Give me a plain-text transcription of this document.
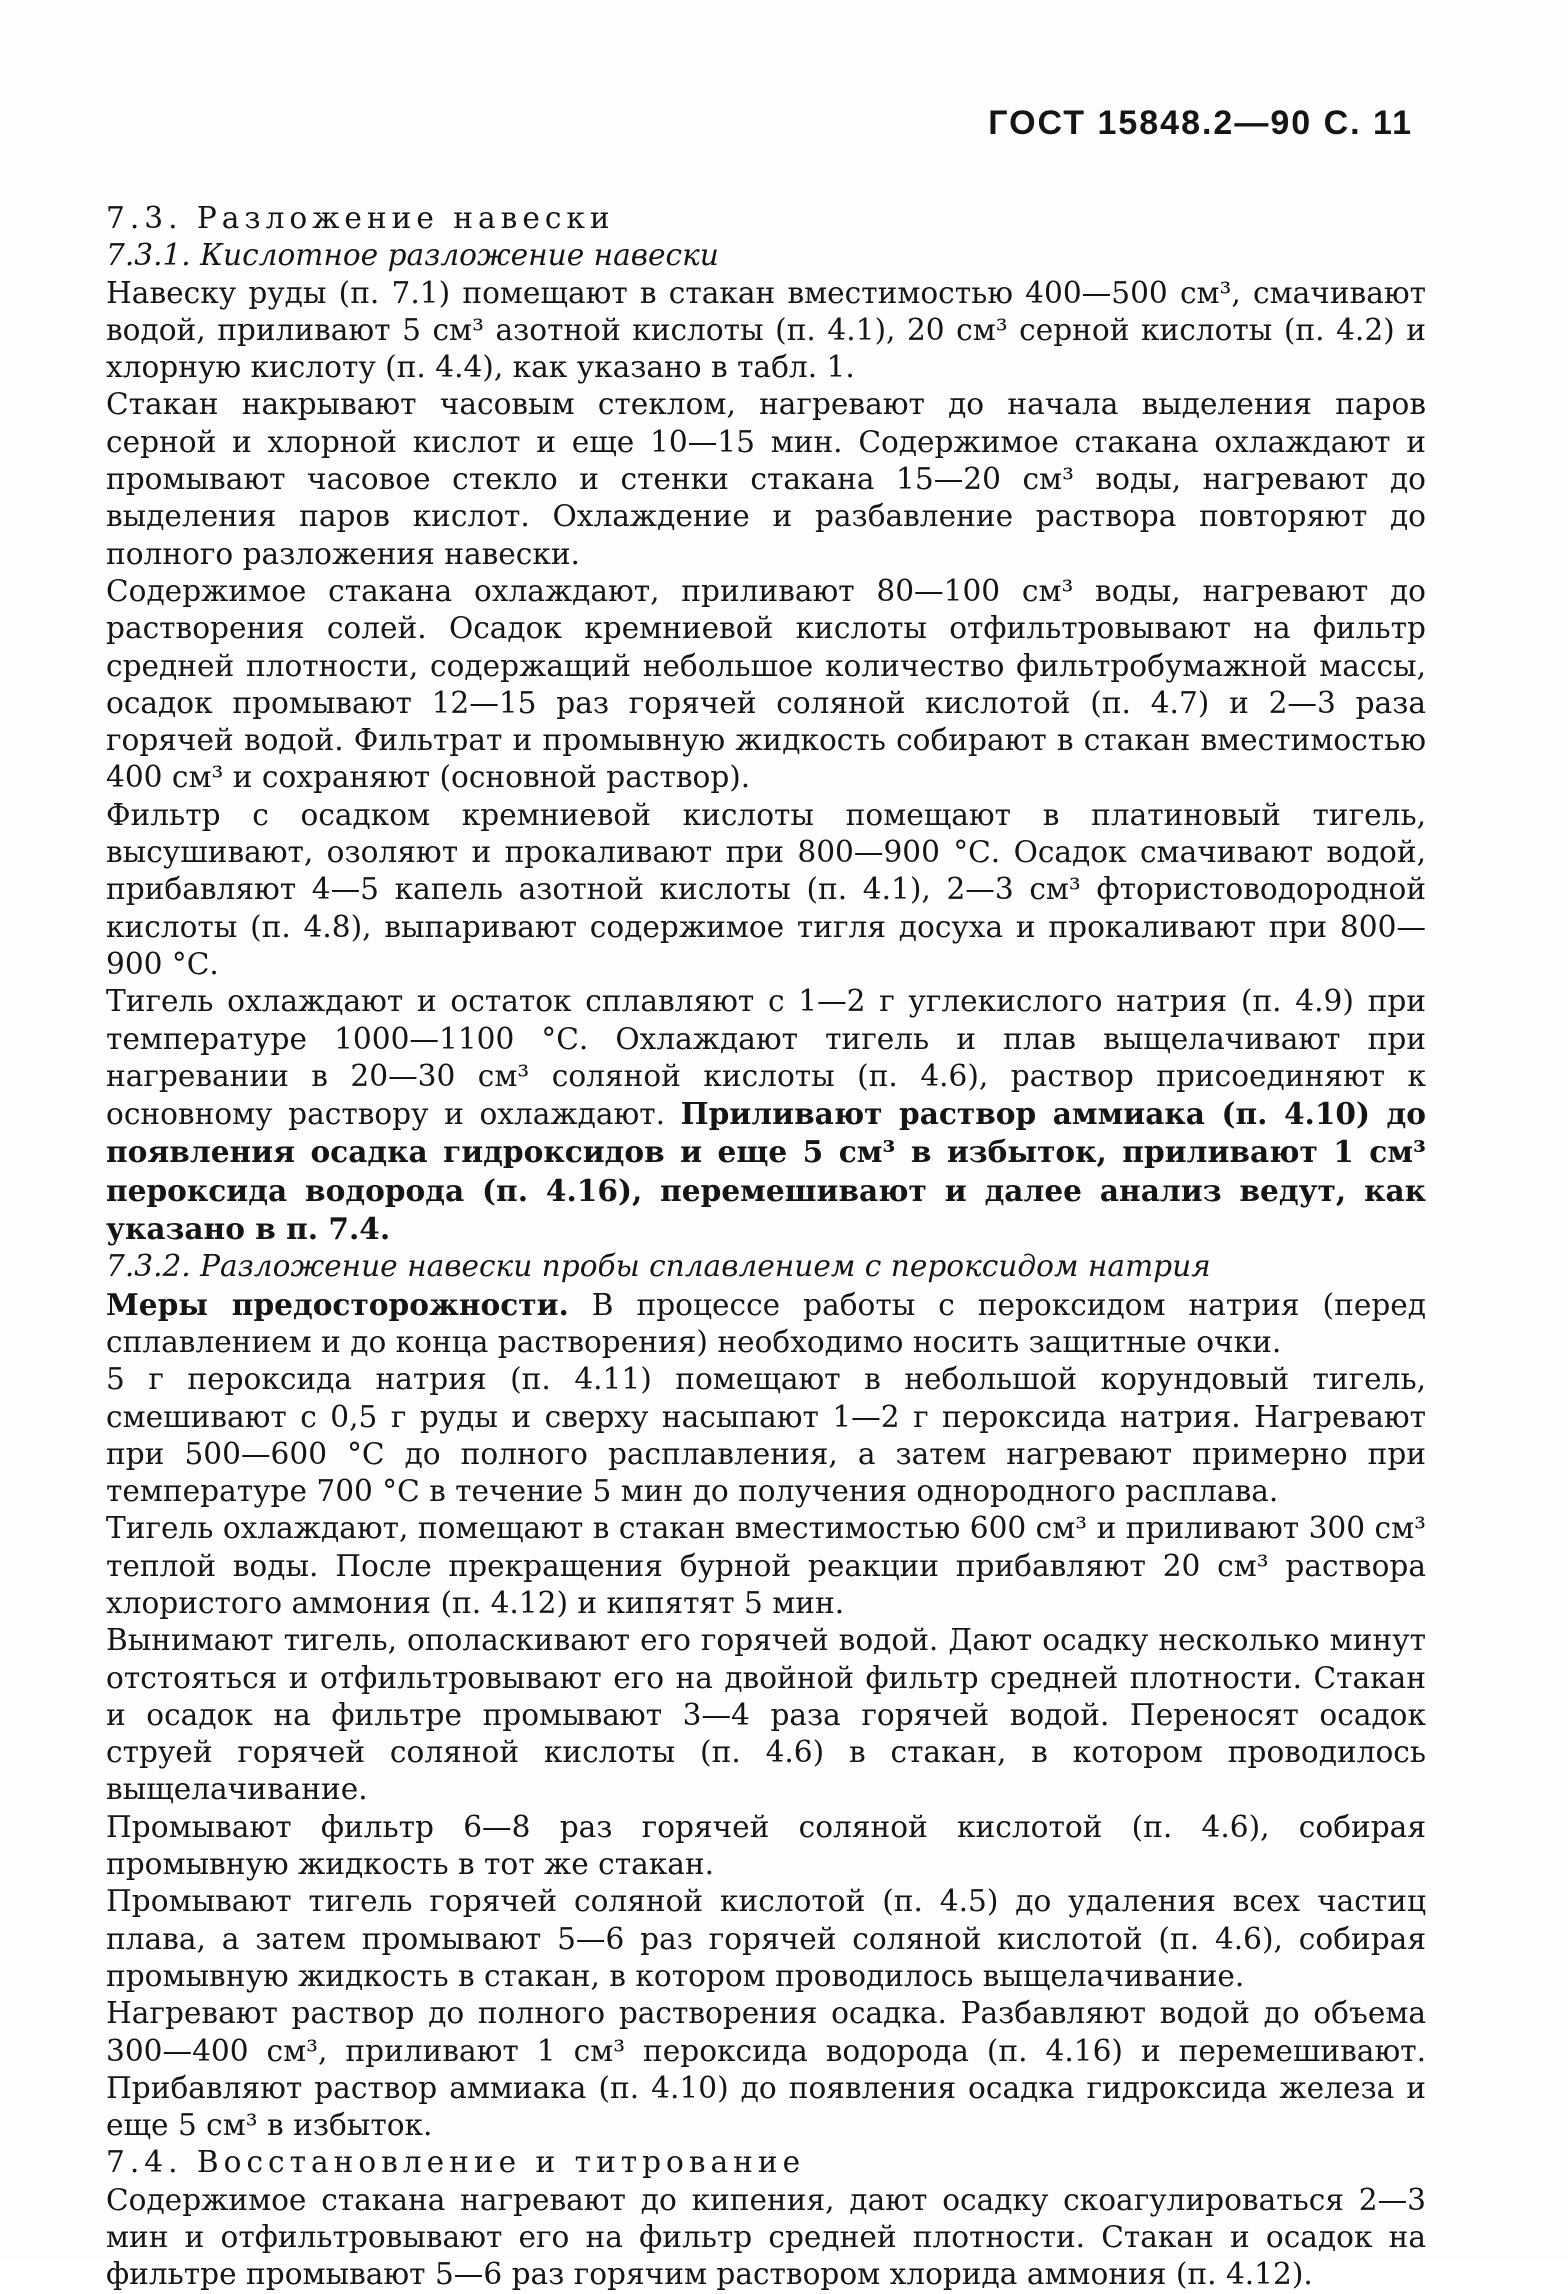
ГОСТ 15848.2—90 С. 11

7.3. Разложение навески

7.3.1. Кислотное разложение навески

Навеску руды (п. 7.1) помещают в стакан вместимостью 400—500 см³, смачивают водой, приливают 5 см³ азотной кислоты (п. 4.1), 20 см³ серной кислоты (п. 4.2) и хлорную кислоту (п. 4.4), как указано в табл. 1.

Стакан накрывают часовым стеклом, нагревают до начала выделения паров серной и хлорной кислот и еще 10—15 мин. Содержимое стакана охлаждают и промывают часовое стекло и стенки стакана 15—20 см³ воды, нагревают до выделения паров кислот. Охлаждение и разбавление раствора повторяют до полного разложения навески.

Содержимое стакана охлаждают, приливают 80—100 см³ воды, нагревают до растворения солей. Осадок кремниевой кислоты отфильтровывают на фильтр средней плотности, содержащий небольшое количество фильтробумажной массы, осадок промывают 12—15 раз горячей соляной кислотой (п. 4.7) и 2—3 раза горячей водой. Фильтрат и промывную жидкость собирают в стакан вместимостью 400 см³ и сохраняют (основной раствор).

Фильтр с осадком кремниевой кислоты помещают в платиновый тигель, высушивают, озоляют и прокаливают при 800—900 °С. Осадок смачивают водой, прибавляют 4—5 капель азотной кислоты (п. 4.1), 2—3 см³ фтористоводородной кислоты (п. 4.8), выпаривают содержимое тигля досуха и прокаливают при 800—900 °С.

Тигель охлаждают и остаток сплавляют с 1—2 г углекислого натрия (п. 4.9) при температуре 1000—1100 °С. Охлаждают тигель и плав выщелачивают при нагревании в 20—30 см³ соляной кислоты (п. 4.6), раствор присоединяют к основному раствору и охлаждают. Приливают раствор аммиака (п. 4.10) до появления осадка гидроксидов и еще 5 см³ в избыток, приливают 1 см³ пероксида водорода (п. 4.16), перемешивают и далее анализ ведут, как указано в п. 7.4.

7.3.2. Разложение навески пробы сплавлением с пероксидом натрия

Меры предосторожности. В процессе работы с пероксидом натрия (перед сплавлением и до конца растворения) необходимо носить защитные очки.

5 г пероксида натрия (п. 4.11) помещают в небольшой корундовый тигель, смешивают с 0,5 г руды и сверху насыпают 1—2 г пероксида натрия. Нагревают при 500—600 °С до полного расплавления, а затем нагревают примерно при температуре 700 °С в течение 5 мин до получения однородного расплава.

Тигель охлаждают, помещают в стакан вместимостью 600 см³ и приливают 300 см³ теплой воды. После прекращения бурной реакции прибавляют 20 см³ раствора хлористого аммония (п. 4.12) и кипятят 5 мин.

Вынимают тигель, ополаскивают его горячей водой. Дают осадку несколько минут отстояться и отфильтровывают его на двойной фильтр средней плотности. Стакан и осадок на фильтре промывают 3—4 раза горячей водой. Переносят осадок струей горячей соляной кислоты (п. 4.6) в стакан, в котором проводилось выщелачивание.

Промывают фильтр 6—8 раз горячей соляной кислотой (п. 4.6), собирая промывную жидкость в тот же стакан.

Промывают тигель горячей соляной кислотой (п. 4.5) до удаления всех частиц плава, а затем промывают 5—6 раз горячей соляной кислотой (п. 4.6), собирая промывную жидкость в стакан, в котором проводилось выщелачивание.

Нагревают раствор до полного растворения осадка. Разбавляют водой до объема 300—400 см³, приливают 1 см³ пероксида водорода (п. 4.16) и перемешивают. Прибавляют раствор аммиака (п. 4.10) до появления осадка гидроксида железа и еще 5 см³ в избыток.

7.4. Восстановление и титрование

Содержимое стакана нагревают до кипения, дают осадку скоагулироваться 2—3 мин и отфильтровывают его на фильтр средней плотности. Стакан и осадок на фильтре промывают 5—6 раз горячим раствором хлорида аммония (п. 4.12).
